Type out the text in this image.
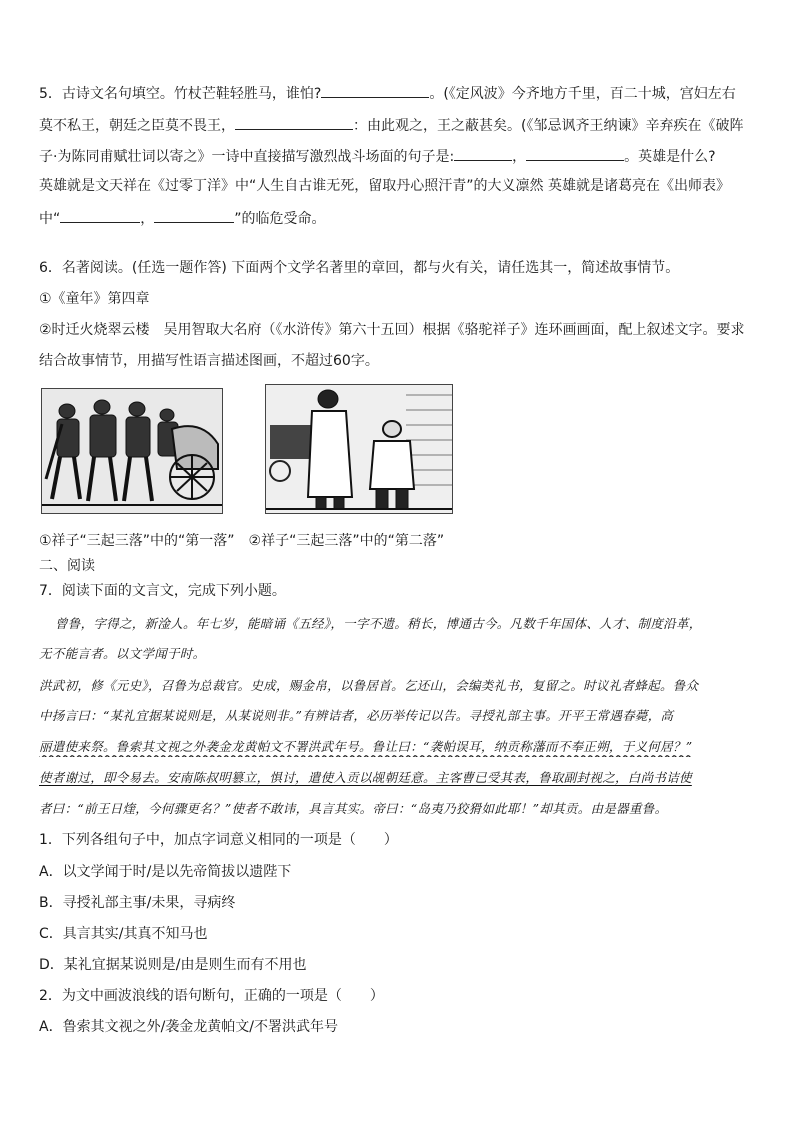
5．古诗文名句填空。竹杖芒鞋轻胜马，谁怕?	。(《定风波》今齐地方千里，百二十城，宫妇左右
莫不私王，朝廷之臣莫不畏王，	：由此观之，王之蔽甚矣。(《邹忌讽齐王纳谏》辛弃疾在《破阵
子·为陈同甫赋壮词以寄之》一诗中直接描写激烈战斗场面的句子是:	，	。英雄是什么?
英雄就是文天祥在《过零丁洋》中“人生自古谁无死，留取丹心照汗青”的大义凛然 英雄就是诸葛亮在《出师表》
中“	，	”的临危受命。
6．名著阅读。(任选一题作答) 下面两个文学名著里的章回，都与火有关，请任选其一，简述故事情节。
①《童年》第四章
②时迁火烧翠云楼　吴用智取大名府（《水浒传》第六十五回）根据《骆驼祥子》连环画画面，配上叙述文字。要求
结合故事情节，用描写性语言描述图画，不超过60字。
①祥子“三起三落”中的“第一落”　②祥子“三起三落”中的“第二落”
二、阅读
7．阅读下面的文言文，完成下列小题。
曾鲁，字得之，新淦人。年七岁，能暗诵《五经》，一字不遗。稍长，博通古今。凡数千年国体、人才、制度沿革，
无不能言者。以文学闻于时。
洪武初，修《元史》，召鲁为总裁官。史成，赐金帛，以鲁居首。乞还山，会编类礼书，复留之。时议礼者蜂起。鲁众
中扬言曰：“某礼宜据某说则是，从某说则非。”有辨诘者，必历举传记以告。寻授礼部主事。开平王常遇春薨，高
丽遣使来祭。鲁索其文视之外袭金龙黄帕文不署洪武年号。鲁让曰：“袭帕误耳，纳贡称藩而不奉正朔，于义何居？”
使者谢过，即令易去。安南陈叔明篡立，惧讨，遣使入贡以觇朝廷意。主客曹已受其表，鲁取副封视之，白尚书诘使
者曰：“前王日煃，今何骤更名？”使者不敢讳，具言其实。帝曰：“岛夷乃狡猾如此耶！”却其贡。由是器重鲁。
1．下列各组句子中，加点字词意义相同的一项是（　　）
A．以文学闻于时/是以先帝简拔以遗陛下
B．寻授礼部主事/未果，寻病终
C．具言其实/其真不知马也
D．某礼宜据某说则是/由是则生而有不用也
2．为文中画波浪线的语句断句，正确的一项是（　　）
A．鲁索其文视之外/袭金龙黄帕文/不署洪武年号
